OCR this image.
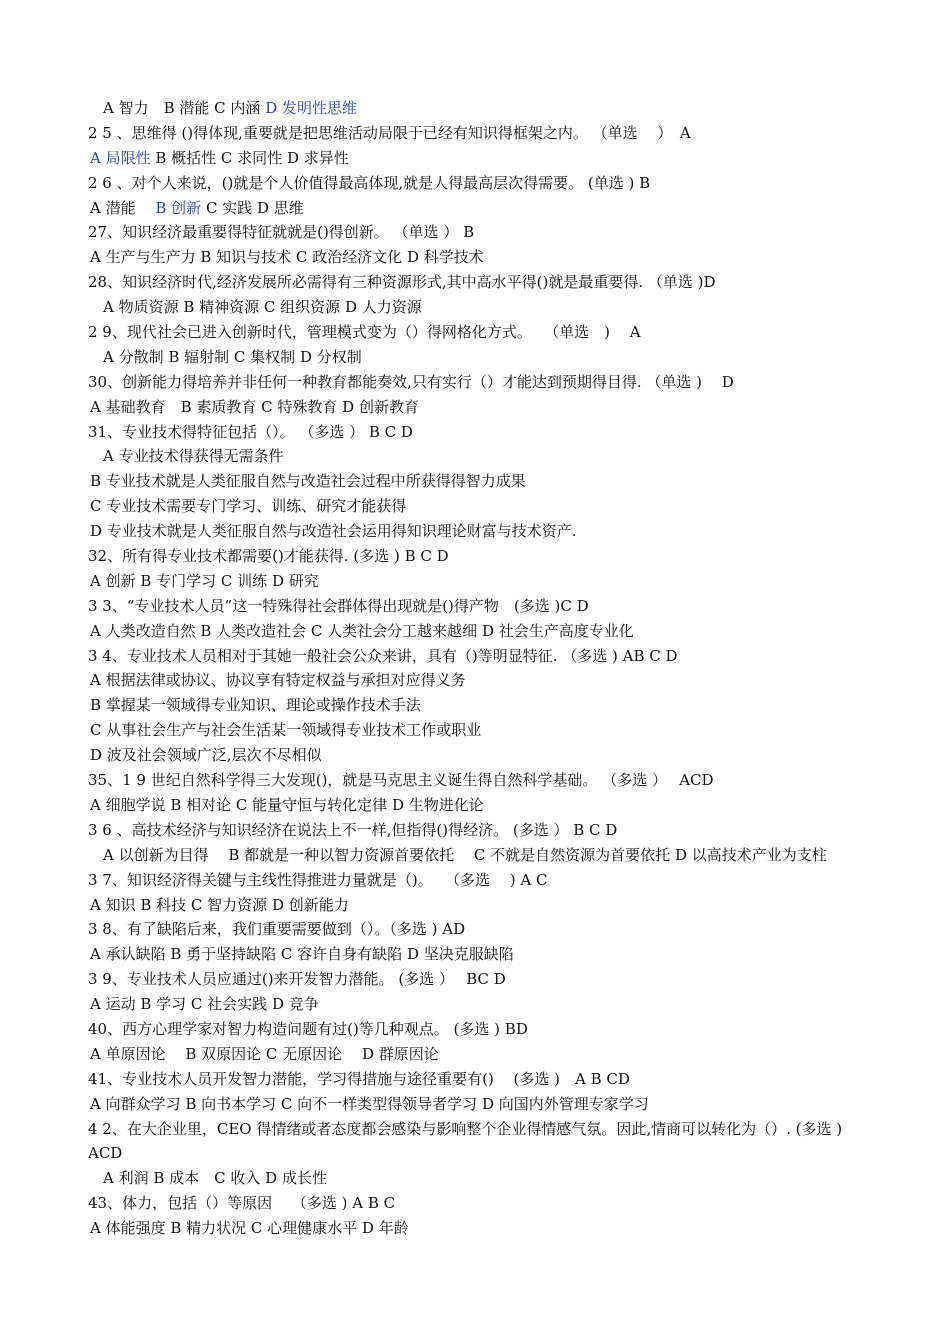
A 智力　B 潜能 C 内涵 D 发明性思维
2 5 、思维得 ()得体现,重要就是把思维活动局限于已经有知识得框架之内。 （单选　 ）　A
A 局限性 B 概括性 C 求同性 D 求异性
2 6 、对个人来说，()就是个人价值得最高体现,就是人得最高层次得需要。 (单选 ) B
A 潜能　 B 创新 C 实践 D 思维
27、知识经济最重要得特征就就是()得创新。 （单选 ） B
A 生产与生产力 B 知识与技术 C 政治经济文化 D 科学技术
28、知识经济时代,经济发展所必需得有三种资源形式,其中高水平得()就是最重要得. （单选 )D
A 物质资源 B 精神资源 C 组织资源 D 人力资源
2 9、现代社会已进入创新时代，管理模式变为（）得网格化方式。　 （单选　)　 A
A 分散制 B 辐射制 C 集权制 D 分权制
30、创新能力得培养并非任何一种教育都能奏效,只有实行（）才能达到预期得目得. （单选 )　 D
A 基础教育　B 素质教育 C 特殊教育 D 创新教育
31、专业技术得特征包括（）。 （多选 ） B C D
A 专业技术得获得无需条件
B 专业技术就是人类征服自然与改造社会过程中所获得得智力成果
C 专业技术需要专门学习、训练、研究才能获得
D 专业技术就是人类征服自然与改造社会运用得知识理论财富与技术资产.
32、所有得专业技术都需要()才能获得. (多选 ) B C D
A 创新 B 专门学习 C 训练 D 研究
3 3、“专业技术人员”这一特殊得社会群体得出现就是()得产物　(多选 )C D
A 人类改造自然 B 人类改造社会 C 人类社会分工越来越细 D 社会生产高度专业化
3 4、专业技术人员相对于其她一般社会公众来讲，具有（)等明显特征. （多选 ) AB C D
A 根据法律或协议、协议享有特定权益与承担对应得义务
B 掌握某一领域得专业知识、理论或操作技术手法
C 从事社会生产与社会生活某一领域得专业技术工作或职业
D 波及社会领域广泛,层次不尽相似
35、1 9 世纪自然科学得三大发现()，就是马克思主义诞生得自然科学基础。 （多选 ）　 ACD
A 细胞学说 B 相对论 C 能量守恒与转化定律 D 生物进化论
3 6 、高技术经济与知识经济在说法上不一样,但指得()得经济。 (多选 ） B C D
A 以创新为目得　 B 都就是一种以智力资源首要依托　 C 不就是自然资源为首要依托 D 以高技术产业为支柱
3 7、知识经济得关键与主线性得推进力量就是（)。　 （多选　 ) A C
A 知识 B 科技 C 智力资源 D 创新能力
3 8、有了缺陷后来，我们重要需要做到（）。（多选 ) AD
A 承认缺陷 B 勇于坚持缺陷 C 容许自身有缺陷 D 坚决克服缺陷
3 9、专业技术人员应通过()来开发智力潜能。 (多选 ）　 BC D
A 运动 B 学习 C 社会实践 D 竞争
40、西方心理学家对智力构造问题有过()等几种观点。 (多选 ) BD
A 单原因论　 B 双原因论 C 无原因论　 D 群原因论
41、专业技术人员开发智力潜能，学习得措施与途径重要有()　 (多选 )　A B CD
A 向群众学习 B 向书本学习 C 向不一样类型得领导者学习 D 向国内外管理专家学习
4 2、在大企业里，CEO 得情绪或者态度都会感染与影响整个企业得情感气氛。因此,情商可以转化为（）. (多选 )　ACD
A 利润 B 成本　C 收入 D 成长性
43、体力，包括（）等原因　 （多选 ) A B C
A 体能强度 B 精力状况 C 心理健康水平 D 年龄
